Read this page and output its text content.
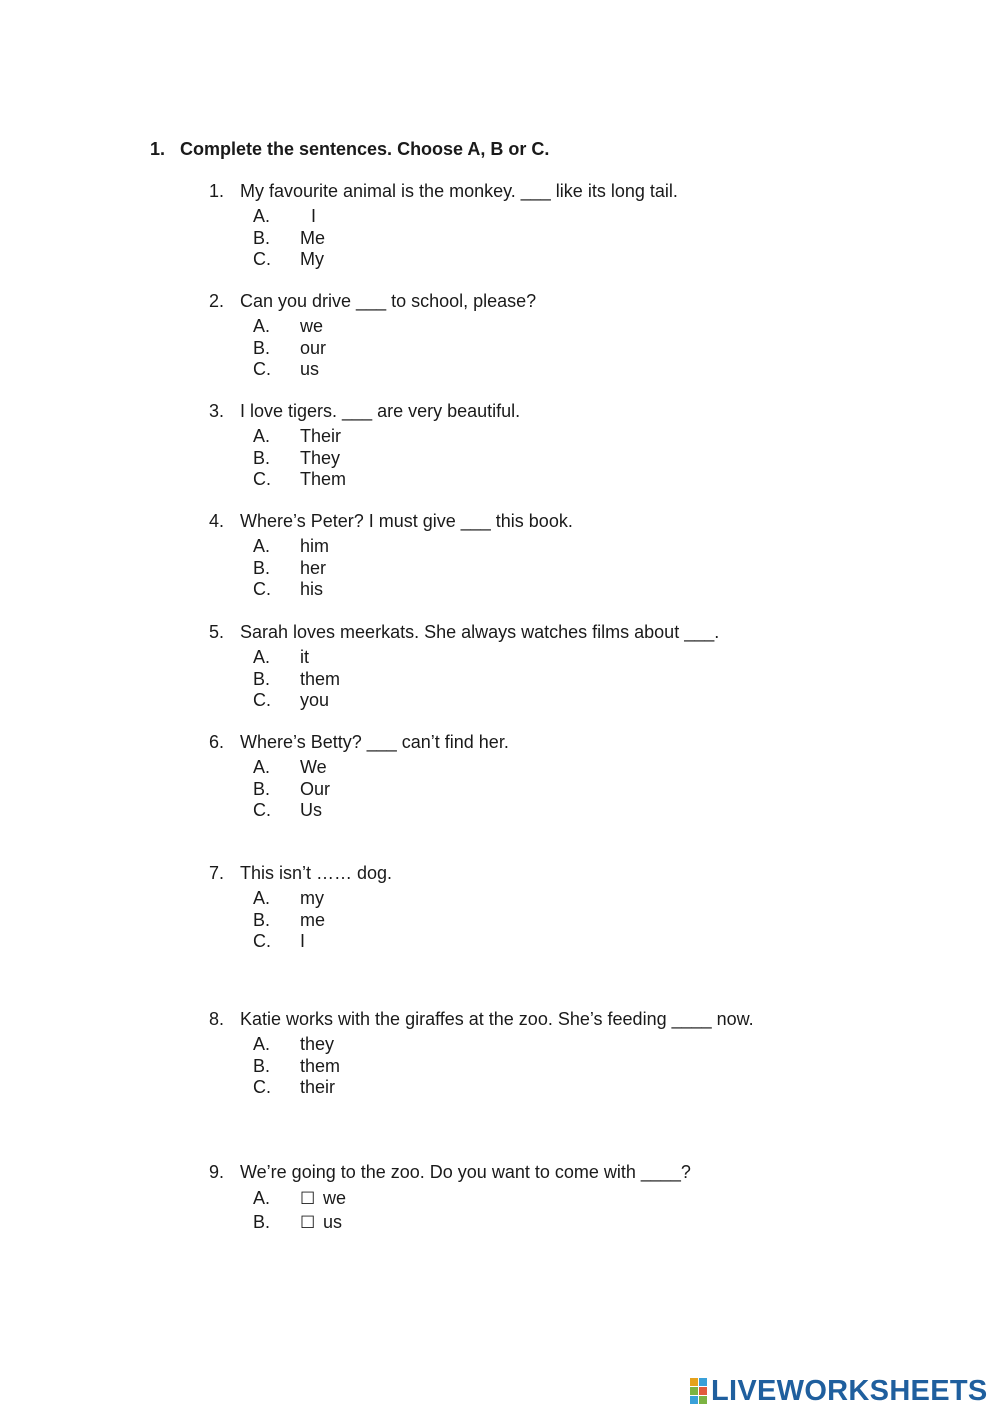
1. Complete the sentences. Choose A, B or C.
1. My favourite animal is the monkey. ___ like its long tail.
A. I
B. Me
C. My
2. Can you drive ___ to school, please?
A. we
B. our
C. us
3. I love tigers. ___ are very beautiful.
A. Their
B. They
C. Them
4. Where’s Peter? I must give ___ this book.
A. him
B. her
C. his
5. Sarah loves meerkats. She always watches films about ___.
A. it
B. them
C. you
6. Where’s Betty? ___ can’t find her.
A. We
B. Our
C. Us
7. This isn’t …… dog.
A. my
B. me
C. I
8. Katie works with the giraffes at the zoo. She’s feeding ____ now.
A. they
B. them
C. their
9. We’re going to the zoo. Do you want to come with ____?
A. ☐ we
B. ☐ us
LIVEWORKSHEETS
